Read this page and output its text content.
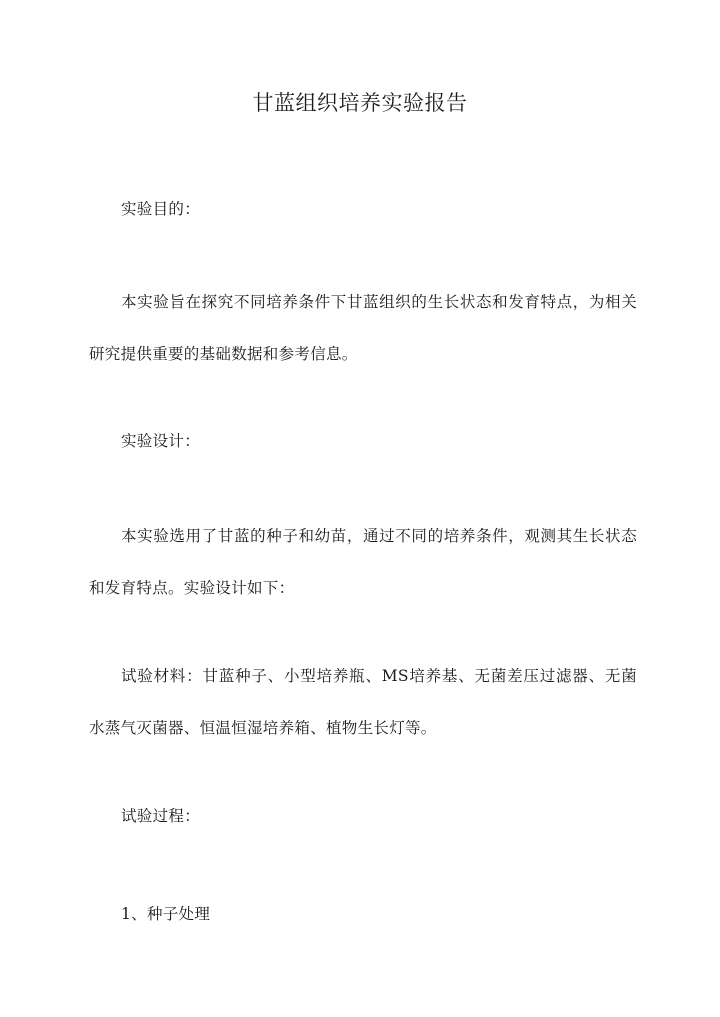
甘蓝组织培养实验报告

实验目的：

本实验旨在探究不同培养条件下甘蓝组织的生长状态和发育特点，为相关研究提供重要的基础数据和参考信息。

实验设计：

本实验选用了甘蓝的种子和幼苗，通过不同的培养条件，观测其生长状态和发育特点。实验设计如下：

试验材料：甘蓝种子、小型培养瓶、MS培养基、无菌差压过滤器、无菌水蒸气灭菌器、恒温恒湿培养箱、植物生长灯等。

试验过程：

1、种子处理
